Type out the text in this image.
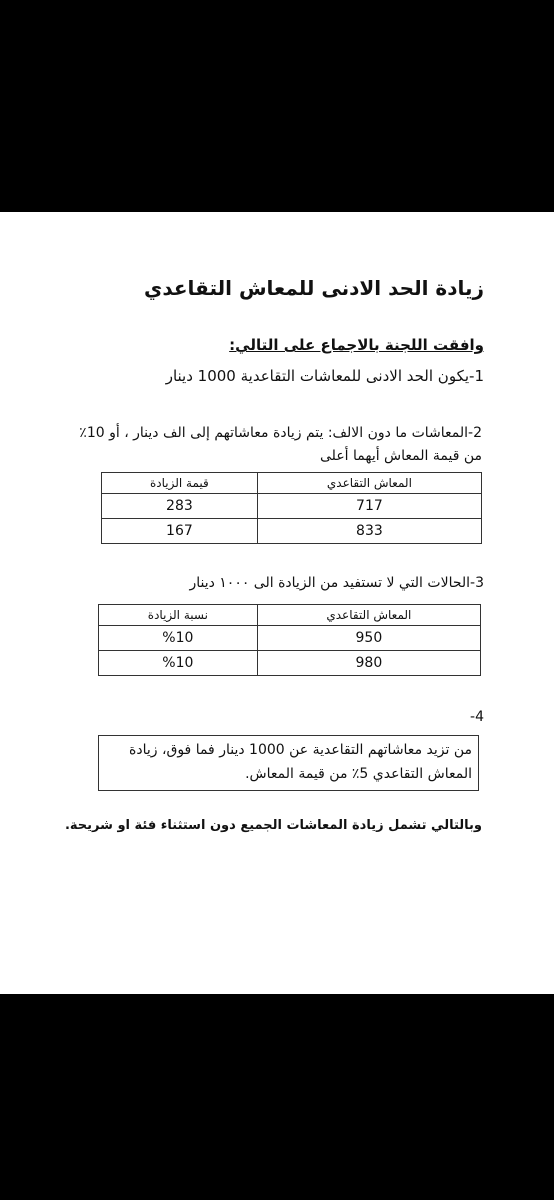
زيادة الحد الادنى للمعاش التقاعدي
وافقت اللجنة بالاجماع على التالي:
1-يكون الحد الادنى للمعاشات التقاعدية 1000 دينار
2-المعاشات ما دون الالف: يتم زيادة معاشاتهم إلى الف دينار ، أو 10٪ من قيمة المعاش أيهما أعلى
المعاش التقاعدي	قيمة الزيادة
717	283
833	167
3-الحالات التي لا تستفيد من الزيادة الى ١٠٠٠ دينار
المعاش التقاعدي	نسبة الزيادة
950	%10
980	%10
4-
من تزيد معاشاتهم التقاعدية عن 1000 دينار فما فوق، زيادة المعاش التقاعدي 5٪ من قيمة المعاش.
وبالتالي تشمل زيادة المعاشات الجميع دون استثناء فئة او شريحة.
